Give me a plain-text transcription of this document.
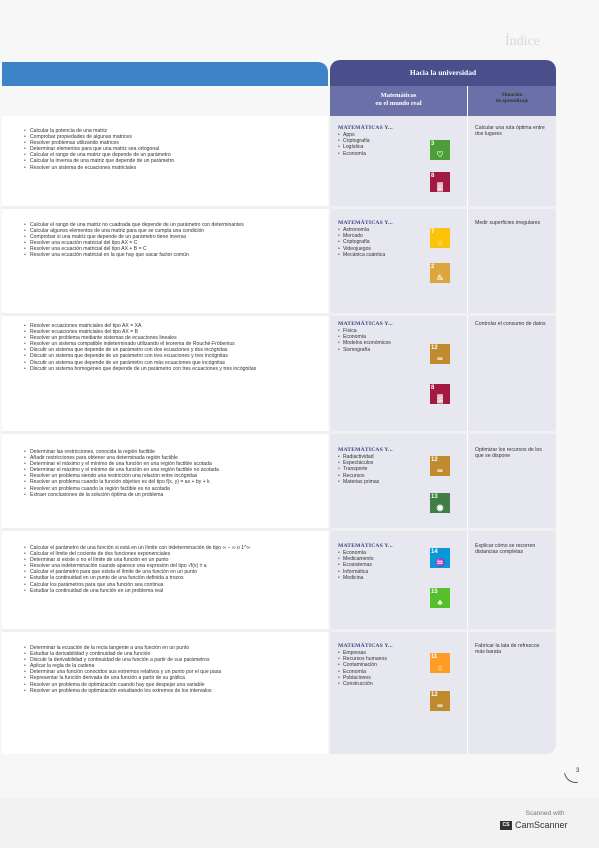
Índice
Hacia la universidad
Matemáticas
en el mundo real
Situación
de aprendizaje
• Calcular la potencia de una matriz
• Comprobar propiedades de algunas matrices
• Resolver problemas utilizando matrices
• Determinar elementos para que una matriz sea ortogonal
• Calcular el rango de una matriz que depende de un parámetro
• Calcular la inversa de una matriz que depende de un parámetro
• Resolver un sistema de ecuaciones matriciales
MATEMÁTICAS Y...
• Apps
• Criptografía
• Logística
• Economía
3
♡
8
▓
Calcular una ruta óptima entre dos lugares
• Calcular el rango de una matriz no cuadrada que depende de un parámetro con determinantes
• Calcular algunos elementos de una matriz para que se cumpla una condición
• Comprobar si una matriz que depende de un parámetro tiene inversa
• Resolver una ecuación matricial del tipo AX = C
• Resolver una ecuación matricial del tipo AX + B = C
• Resolver una ecuación matricial en la que hay que sacar factor común
MATEMÁTICAS Y...
• Astronomía
• Mercado
• Criptografía
• Videojuegos
• Mecánica cuántica
7
☼
2
♨
Medir superficies irregulares
• Resolver ecuaciones matriciales del tipo AX = XA
• Resolver ecuaciones matriciales del tipo AX = B
• Resolver un problema mediante sistemas de ecuaciones lineales
• Resolver un sistema compatible indeterminado utilizando el teorema de Rouché-Fröbenius
• Discutir un sistema que depende de un parámetro con dos ecuaciones y dos incógnitas
• Discutir un sistema que depende de un parámetro con tres ecuaciones y tres incógnitas
• Discutir un sistema que depende de un parámetro con más ecuaciones que incógnitas
• Discutir un sistema homogéneo que depende de un parámetro con tres ecuaciones y tres incógnitas
MATEMÁTICAS Y...
• Física
• Economía
• Modelos económicos
• Sismografía	12
∞
8
▓
Controlar el consumo de datos
• Determinar las restricciones, conocida la región factible
• Añadir restricciones para obtener una determinada región factible
• Determinar el máximo y el mínimo de una función en una región factible acotada
• Determinar el máximo y el mínimo de una función en una región factible no acotada
• Resolver un problema siendo una restricción una relación entre incógnitas
• Resolver un problema cuando la función objetivo es del tipo f(x, y) = ax + by + k
• Resolver un problema cuando la región factible es no acotada
• Extraer conclusiones de la solución óptima de un problema
MATEMÁTICAS Y...
• Radiactividad
• Espectáculos
• Transporte
• Recursos
• Materias primas
12
∞
13
◉
Optimizar los recursos de los que se dispone
• Calcular el parámetro de una función si está en un límite con indeterminación de tipo ∞ − ∞ o 1^∞
• Calcular el límite del cociente de dos funciones exponenciales
• Determinar si existe o no el límite de una función en un punto
• Resolver una indeterminación cuando aparece una expresión del tipo √f(x) ± a
• Calcular el parámetro para que exista el límite de una función en un punto
• Estudiar la continuidad en un punto de una función definida a trozos
• Calcular los parámetros para que una función sea continua
• Estudiar la continuidad de una función en un problema real
MATEMÁTICAS Y...
• Economía
• Medicamento
• Ecosistemas
• Informática
• Medicina
14
♒
15
♣
Explicar cómo se recorren distancias completas
• Determinar la ecuación de la recta tangente a una función en un punto
• Estudiar la derivabilidad y continuidad de una función
• Discutir la derivabilidad y continuidad de una función a partir de sus parámetros
• Aplicar la regla de la cadena
• Determinar una función conocidos sus extremos relativos y un punto por el que pasa
• Representar la función derivada de una función a partir de su gráfica
• Resolver un problema de optimización cuando hay que despejar una variable
• Resolver un problema de optimización estudiando los extremos de los intervalos
MATEMÁTICAS Y...
• Empresas
• Recursos humanos
• Contaminación
• Economía
• Poblaciones
• Construcción
11
⌂
12
∞
Fabricar la lata de refrescos más barata
3
Scanned with
CS CamScanner
